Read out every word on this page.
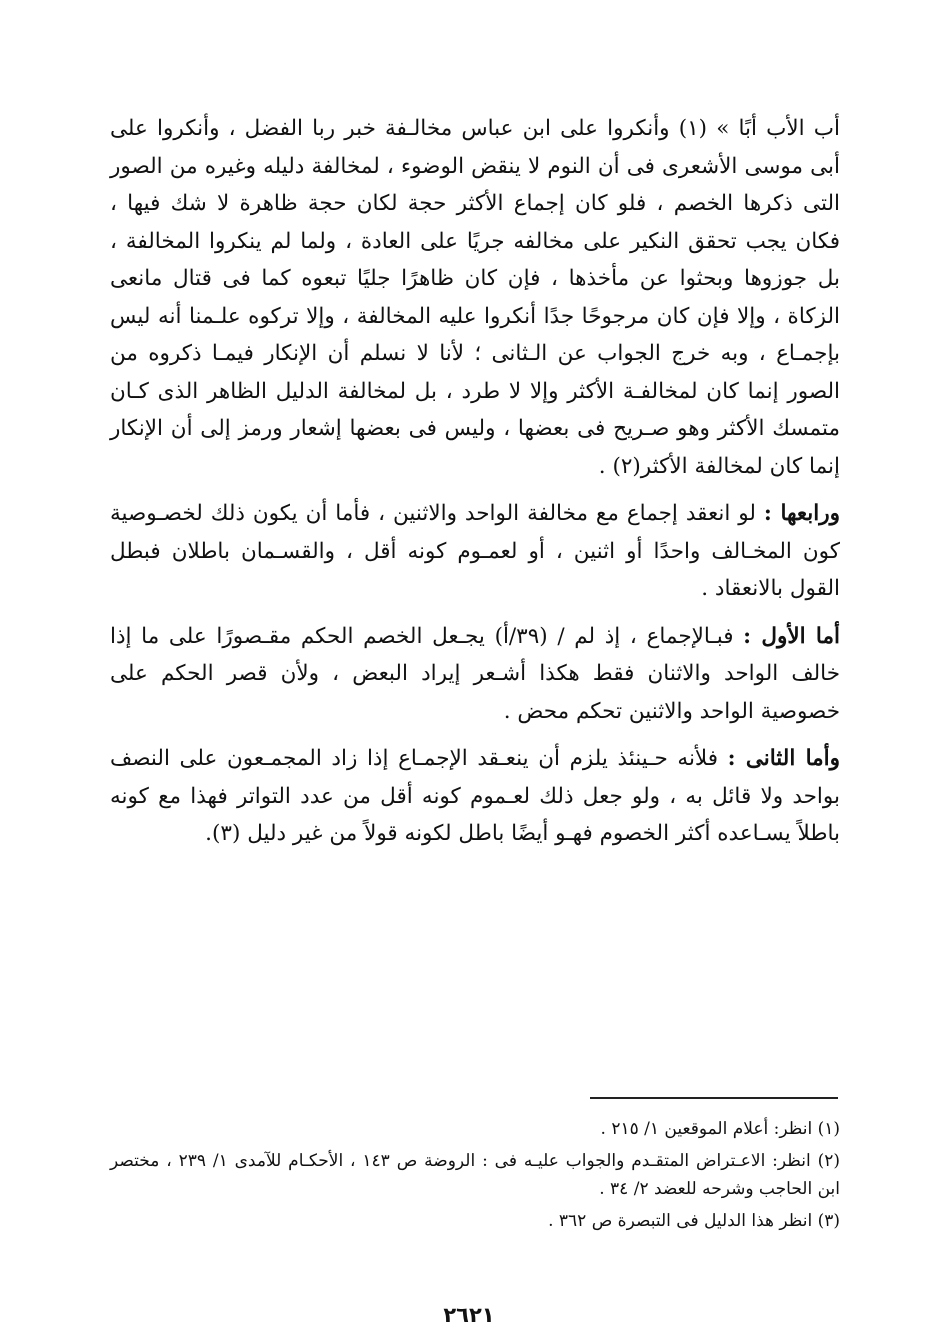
أب الأب أبًا » (١) وأنكروا على ابن عباس مخالـفة خبر ربا الفضل ، وأنكروا على أبى موسى الأشعرى فى أن النوم لا ينقض الوضوء ، لمخالفة دليله وغيره من الصور التى ذكرها الخصم ، فلو كان إجماع الأكثر حجة لكان حجة ظاهرة لا شك فيها ، فكان يجب تحقق النكير على مخالفه جريًا على العادة ، ولما لم ينكروا المخالفة ، بل جوزوها وبحثوا عن مأخذها ، فإن كان ظاهرًا جليًا تبعوه كما فى قتال مانعى الزكاة ، وإلا فإن كان مرجوحًا جدًا أنكروا عليه المخالفة ، وإلا تركوه علـمنا أنه ليس بإجمـاع ، وبه خرج الجواب عن الـثانى ؛ لأنا لا نسلم أن الإنكار فيمـا ذكروه من الصور إنما كان لمخالفـة الأكثر وإلا لا طرد ، بل لمخالفة الدليل الظاهر الذى كـان متمسك الأكثر وهو صـريح فى بعضها ، وليس فى بعضها إشعار ورمز إلى أن الإنكار إنما كان لمخالفة الأكثر(٢) .

ورابعها : لو انعقد إجماع مع مخالفة الواحد والاثنين ، فأما أن يكون ذلك لخصـوصية كون المخـالف واحدًا أو اثنين ، أو لعمـوم كونه أقل ، والقسـمان باطلان فبطل القول بالانعقاد .

أما الأول : فبـالإجماع ، إذ لم / (٣٩/أ) يجـعل الخصم الحكم مقـصورًا على ما إذا خالف الواحد والاثنان فقط هكذا أشـعر إيراد البعض ، ولأن قصر الحكم على خصوصية الواحد والاثنين تحكم محض .

وأما الثانى : فلأنه حـينئذ يلزم أن ينعـقد الإجمـاع إذا زاد المجمـعون على النصف بواحد ولا قائل به ، ولو جعل ذلك لعـموم كونه أقل من عدد التواتر فهذا مع كونه باطلاً يسـاعده أكثر الخصوم فهـو أيضًا باطل لكونه قولاً من غير دليل (٣).

(١) انظر: أعلام الموقعين ١/ ٢١٥ .

(٢) انظر: الاعـتراض المتقـدم والجواب عليـه فى : الروضة ص ١٤٣ ، الأحكـام للآمدى ١/ ٢٣٩ ، مختصر ابن الحاجب وشرحه للعضد ٢/ ٣٤ .

(٣) انظر هذا الدليل فى التبصرة ص ٣٦٢ .

٢٦٢١
